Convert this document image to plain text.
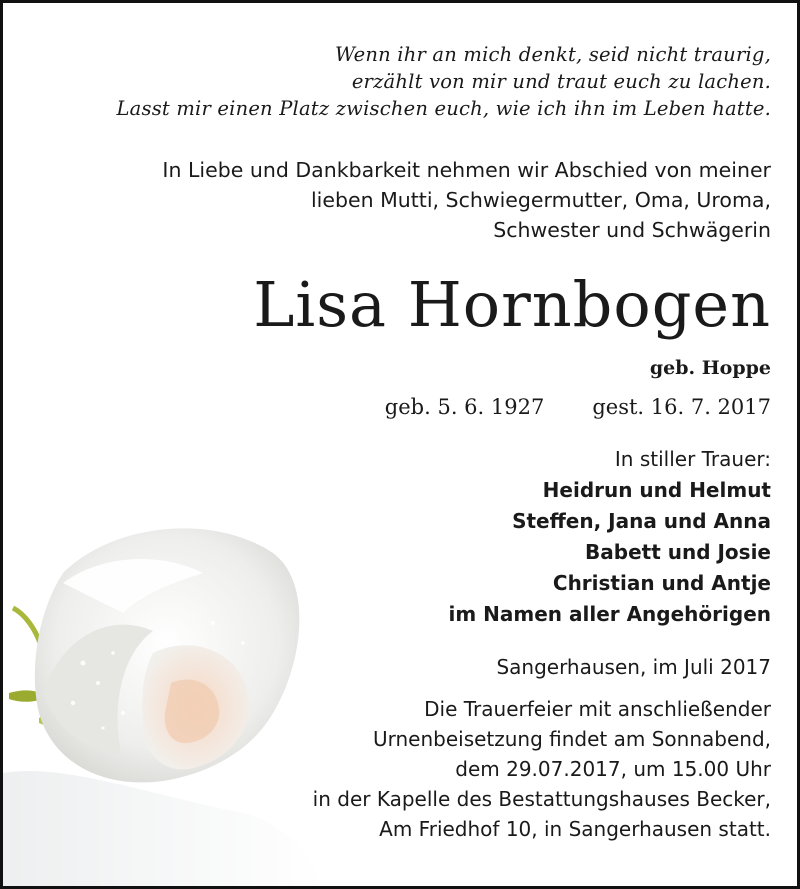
Wenn ihr an mich denkt, seid nicht traurig,
erzählt von mir und traut euch zu lachen.
Lasst mir einen Platz zwischen euch, wie ich ihn im Leben hatte.
In Liebe und Dankbarkeit nehmen wir Abschied von meiner
lieben Mutti, Schwiegermutter, Oma, Uroma,
Schwester und Schwägerin
Lisa Hornbogen
geb. Hoppe
geb. 5. 6. 1927 gest. 16. 7. 2017
In stiller Trauer:
Heidrun und Helmut
Steffen, Jana und Anna
Babett und Josie
Christian und Antje
im Namen aller Angehörigen
Sangerhausen, im Juli 2017
Die Trauerfeier mit anschließender
Urnenbeisetzung findet am Sonnabend,
dem 29.07.2017, um 15.00 Uhr
in der Kapelle des Bestattungshauses Becker,
Am Friedhof 10, in Sangerhausen statt.
